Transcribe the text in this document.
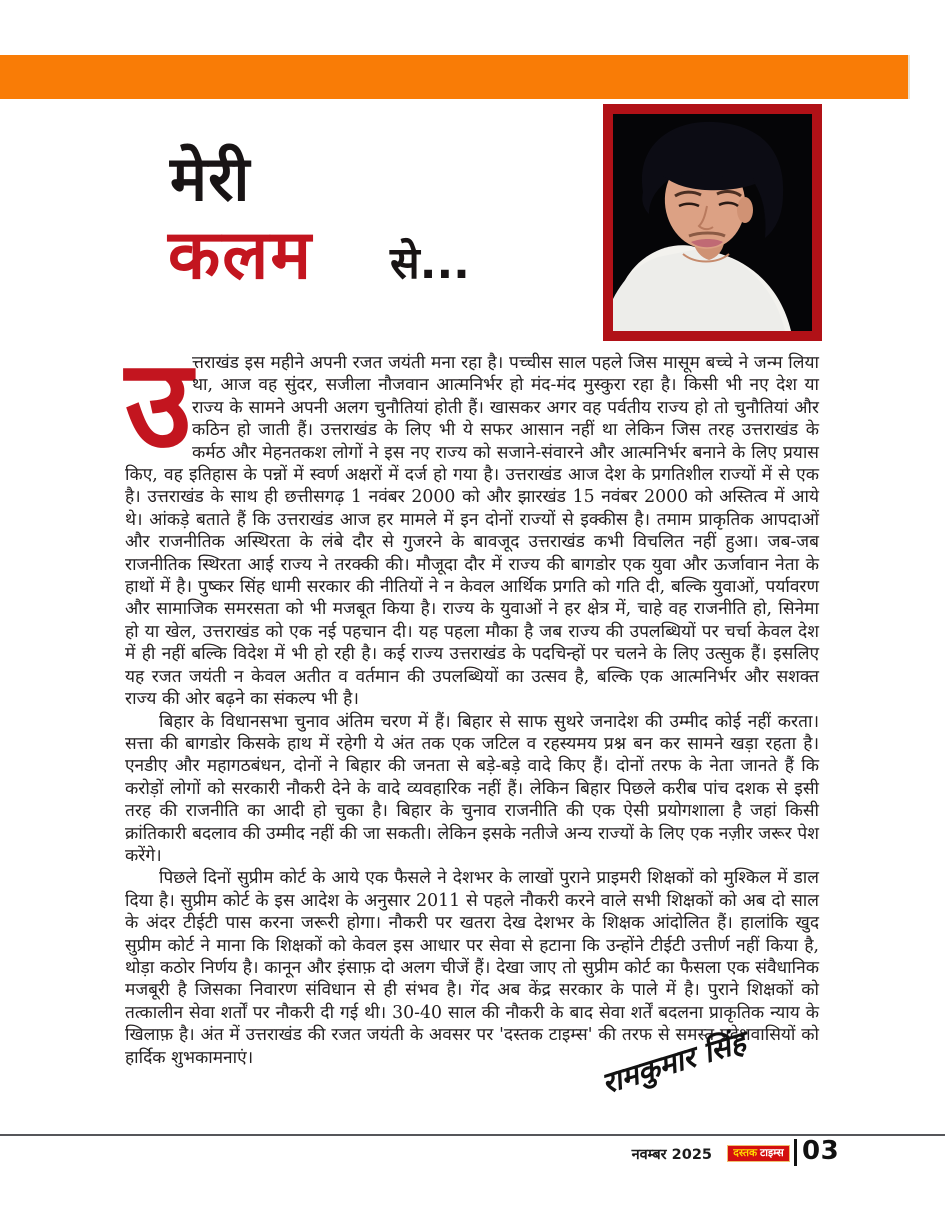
मेरी
कलम से...

उत्तराखंड इस महीने अपनी रजत जयंती मना रहा है। पच्चीस साल पहले जिस मासूम बच्चे ने जन्म लिया था, आज वह सुंदर, सजीला नौजवान आत्मनिर्भर हो मंद-मंद मुस्कुरा रहा है। किसी भी नए देश या राज्य के सामने अपनी अलग चुनौतियां होती हैं। खासकर अगर वह पर्वतीय राज्य हो तो चुनौतियां और कठिन हो जाती हैं। उत्तराखंड के लिए भी ये सफर आसान नहीं था लेकिन जिस तरह उत्तराखंड के कर्मठ और मेहनतकश लोगों ने इस नए राज्य को सजाने-संवारने और आत्मनिर्भर बनाने के लिए प्रयास किए, वह इतिहास के पन्नों में स्वर्ण अक्षरों में दर्ज हो गया है। उत्तराखंड आज देश के प्रगतिशील राज्यों में से एक है। उत्तराखंड के साथ ही छत्तीसगढ़ 1 नवंबर 2000 को और झारखंड 15 नवंबर 2000 को अस्तित्व में आये थे। आंकड़े बताते हैं कि उत्तराखंड आज हर मामले में इन दोनों राज्यों से इक्कीस है। तमाम प्राकृतिक आपदाओं और राजनीतिक अस्थिरता के लंबे दौर से गुजरने के बावजूद उत्तराखंड कभी विचलित नहीं हुआ। जब-जब राजनीतिक स्थिरता आई राज्य ने तरक्की की। मौजूदा दौर में राज्य की बागडोर एक युवा और ऊर्जावान नेता के हाथों में है। पुष्कर सिंह धामी सरकार की नीतियों ने न केवल आर्थिक प्रगति को गति दी, बल्कि युवाओं, पर्यावरण और सामाजिक समरसता को भी मजबूत किया है। राज्य के युवाओं ने हर क्षेत्र में, चाहे वह राजनीति हो, सिनेमा हो या खेल, उत्तराखंड को एक नई पहचान दी। यह पहला मौका है जब राज्य की उपलब्धियों पर चर्चा केवल देश में ही नहीं बल्कि विदेश में भी हो रही है। कई राज्य उत्तराखंड के पदचिन्हों पर चलने के लिए उत्सुक हैं। इसलिए यह रजत जयंती न केवल अतीत व वर्तमान की उपलब्धियों का उत्सव है, बल्कि एक आत्मनिर्भर और सशक्त राज्य की ओर बढ़ने का संकल्प भी है।

बिहार के विधानसभा चुनाव अंतिम चरण में हैं। बिहार से साफ सुथरे जनादेश की उम्मीद कोई नहीं करता। सत्ता की बागडोर किसके हाथ में रहेगी ये अंत तक एक जटिल व रहस्यमय प्रश्न बन कर सामने खड़ा रहता है। एनडीए और महागठबंधन, दोनों ने बिहार की जनता से बड़े-बड़े वादे किए हैं। दोनों तरफ के नेता जानते हैं कि करोड़ों लोगों को सरकारी नौकरी देने के वादे व्यवहारिक नहीं हैं। लेकिन बिहार पिछले करीब पांच दशक से इसी तरह की राजनीति का आदी हो चुका है। बिहार के चुनाव राजनीति की एक ऐसी प्रयोगशाला है जहां किसी क्रांतिकारी बदलाव की उम्मीद नहीं की जा सकती। लेकिन इसके नतीजे अन्य राज्यों के लिए एक नज़ीर जरूर पेश करेंगे।

पिछले दिनों सुप्रीम कोर्ट के आये एक फैसले ने देशभर के लाखों पुराने प्राइमरी शिक्षकों को मुश्किल में डाल दिया है। सुप्रीम कोर्ट के इस आदेश के अनुसार 2011 से पहले नौकरी करने वाले सभी शिक्षकों को अब दो साल के अंदर टीईटी पास करना जरूरी होगा। नौकरी पर खतरा देख देशभर के शिक्षक आंदोलित हैं। हालांकि खुद सुप्रीम कोर्ट ने माना कि शिक्षकों को केवल इस आधार पर सेवा से हटाना कि उन्होंने टीईटी उत्तीर्ण नहीं किया है, थोड़ा कठोर निर्णय है। कानून और इंसाफ़ दो अलग चीजें हैं। देखा जाए तो सुप्रीम कोर्ट का फैसला एक संवैधानिक मजबूरी है जिसका निवारण संविधान से ही संभव है। गेंद अब केंद्र सरकार के पाले में है। पुराने शिक्षकों को तत्कालीन सेवा शर्तों पर नौकरी दी गई थी। 30-40 साल की नौकरी के बाद सेवा शर्तें बदलना प्राकृतिक न्याय के खिलाफ़ है। अंत में उत्तराखंड की रजत जयंती के अवसर पर 'दस्तक टाइम्स' की तरफ से समस्त प्रदेशवासियों को हार्दिक शुभकामनाएं।	रामकुमार सिंह
नवम्बर 2025 दस्तक टाइम्स 03
